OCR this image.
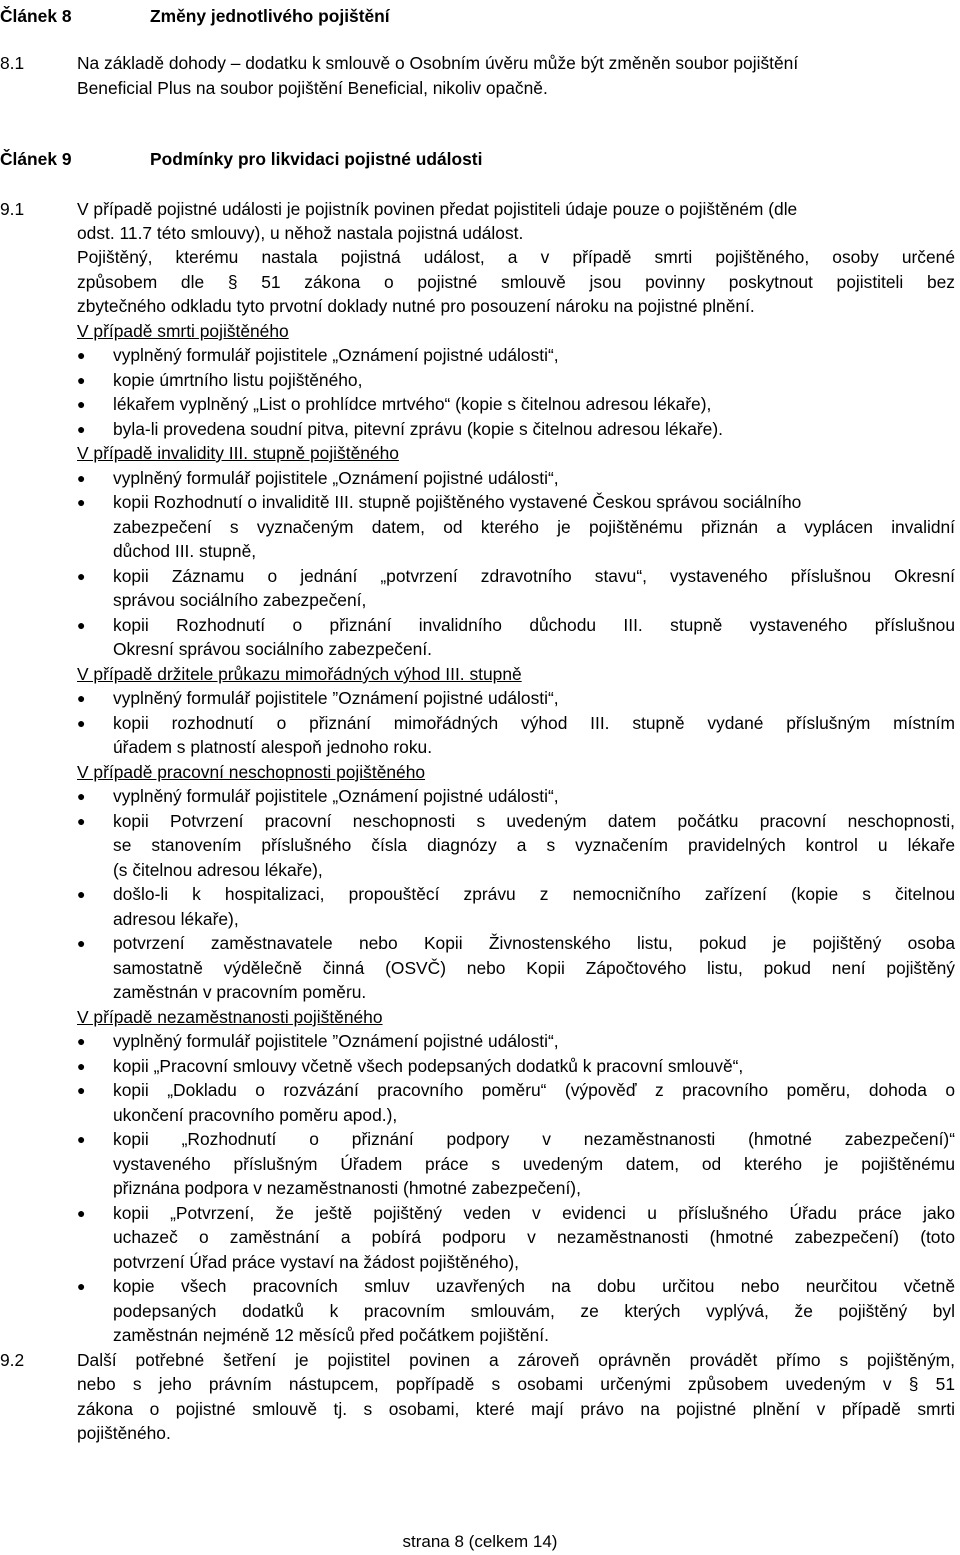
Článek 8	Změny jednotlivého pojištění
8.1	Na základě dohody – dodatku k smlouvě o Osobním úvěru může být změněn soubor pojištění
Beneficial Plus na soubor pojištění Beneficial, nikoliv opačně.
Článek 9	Podmínky pro likvidaci pojistné události
9.1	V případě pojistné události je pojistník povinen předat pojistiteli údaje pouze o pojištěném (dle
odst. 11.7 této smlouvy), u něhož nastala pojistná událost.
Pojištěný, kterému nastala pojistná událost, a v případě smrti pojištěného, osoby určené
způsobem dle § 51 zákona o pojistné smlouvě jsou povinny poskytnout pojistiteli bez
zbytečného odkladu tyto prvotní doklady nutné pro posouzení nároku na pojistné plnění.
V případě smrti pojištěného
● vyplněný formulář pojistitele „Oznámení pojistné události“,
● kopie úmrtního listu pojištěného,
● lékařem vyplněný „List o prohlídce mrtvého“ (kopie s čitelnou adresou lékaře),
● byla-li provedena soudní pitva, pitevní zprávu (kopie s čitelnou adresou lékaře).
V případě invalidity III. stupně pojištěného
● vyplněný formulář pojistitele „Oznámení pojistné události“,
● kopii Rozhodnutí o invaliditě III. stupně pojištěného vystavené Českou správou sociálního
zabezpečení s vyznačeným datem, od kterého je pojištěnému přiznán a vyplácen invalidní
důchod III. stupně,
● kopii Záznamu o jednání „potvrzení zdravotního stavu“, vystaveného příslušnou Okresní
správou sociálního zabezpečení,
● kopii Rozhodnutí o přiznání invalidního důchodu III. stupně vystaveného příslušnou
Okresní správou sociálního zabezpečení.
V případě držitele průkazu mimořádných výhod III. stupně
● vyplněný formulář pojistitele ”Oznámení pojistné události“,
● kopii rozhodnutí o přiznání mimořádných výhod III. stupně vydané příslušným místním
úřadem s platností alespoň jednoho roku.
V případě pracovní neschopnosti pojištěného
● vyplněný formulář pojistitele „Oznámení pojistné události“,
● kopii Potvrzení pracovní neschopnosti s uvedeným datem počátku pracovní neschopnosti,
se stanovením příslušného čísla diagnózy a s vyznačením pravidelných kontrol u lékaře
(s čitelnou adresou lékaře),
● došlo-li k hospitalizaci, propouštěcí zprávu z nemocničního zařízení (kopie s čitelnou
adresou lékaře),
● potvrzení zaměstnavatele nebo Kopii Živnostenského listu, pokud je pojištěný osoba
samostatně výdělečně činná (OSVČ) nebo Kopii Zápočtového listu, pokud není pojištěný
zaměstnán v pracovním poměru.
V případě nezaměstnanosti pojištěného
● vyplněný formulář pojistitele ”Oznámení pojistné události“,
● kopii „Pracovní smlouvy včetně všech podepsaných dodatků k pracovní smlouvě“,
● kopii „Dokladu o rozvázání pracovního poměru“ (výpověď z pracovního poměru, dohoda o
ukončení pracovního poměru apod.),
● kopii „Rozhodnutí o přiznání podpory v nezaměstnanosti (hmotné zabezpečení)“
vystaveného příslušným Úřadem práce s uvedeným datem, od kterého je pojištěnému
přiznána podpora v nezaměstnanosti (hmotné zabezpečení),
● kopii „Potvrzení, že ještě pojištěný veden v evidenci u příslušného Úřadu práce jako
uchazeč o zaměstnání a pobírá podporu v nezaměstnanosti (hmotné zabezpečení) (toto
potvrzení Úřad práce vystaví na žádost pojištěného),
● kopie všech pracovních smluv uzavřených na dobu určitou nebo neurčitou včetně
podepsaných dodatků k pracovním smlouvám, ze kterých vyplývá, že pojištěný byl
zaměstnán nejméně 12 měsíců před počátkem pojištění.
9.2	Další potřebné šetření je pojistitel povinen a zároveň oprávněn provádět přímo s pojištěným,
nebo s jeho právním nástupcem, popřípadě s osobami určenými způsobem uvedeným v § 51
zákona o pojistné smlouvě tj. s osobami, které mají právo na pojistné plnění v případě smrti
pojištěného.
strana 8 (celkem 14)
